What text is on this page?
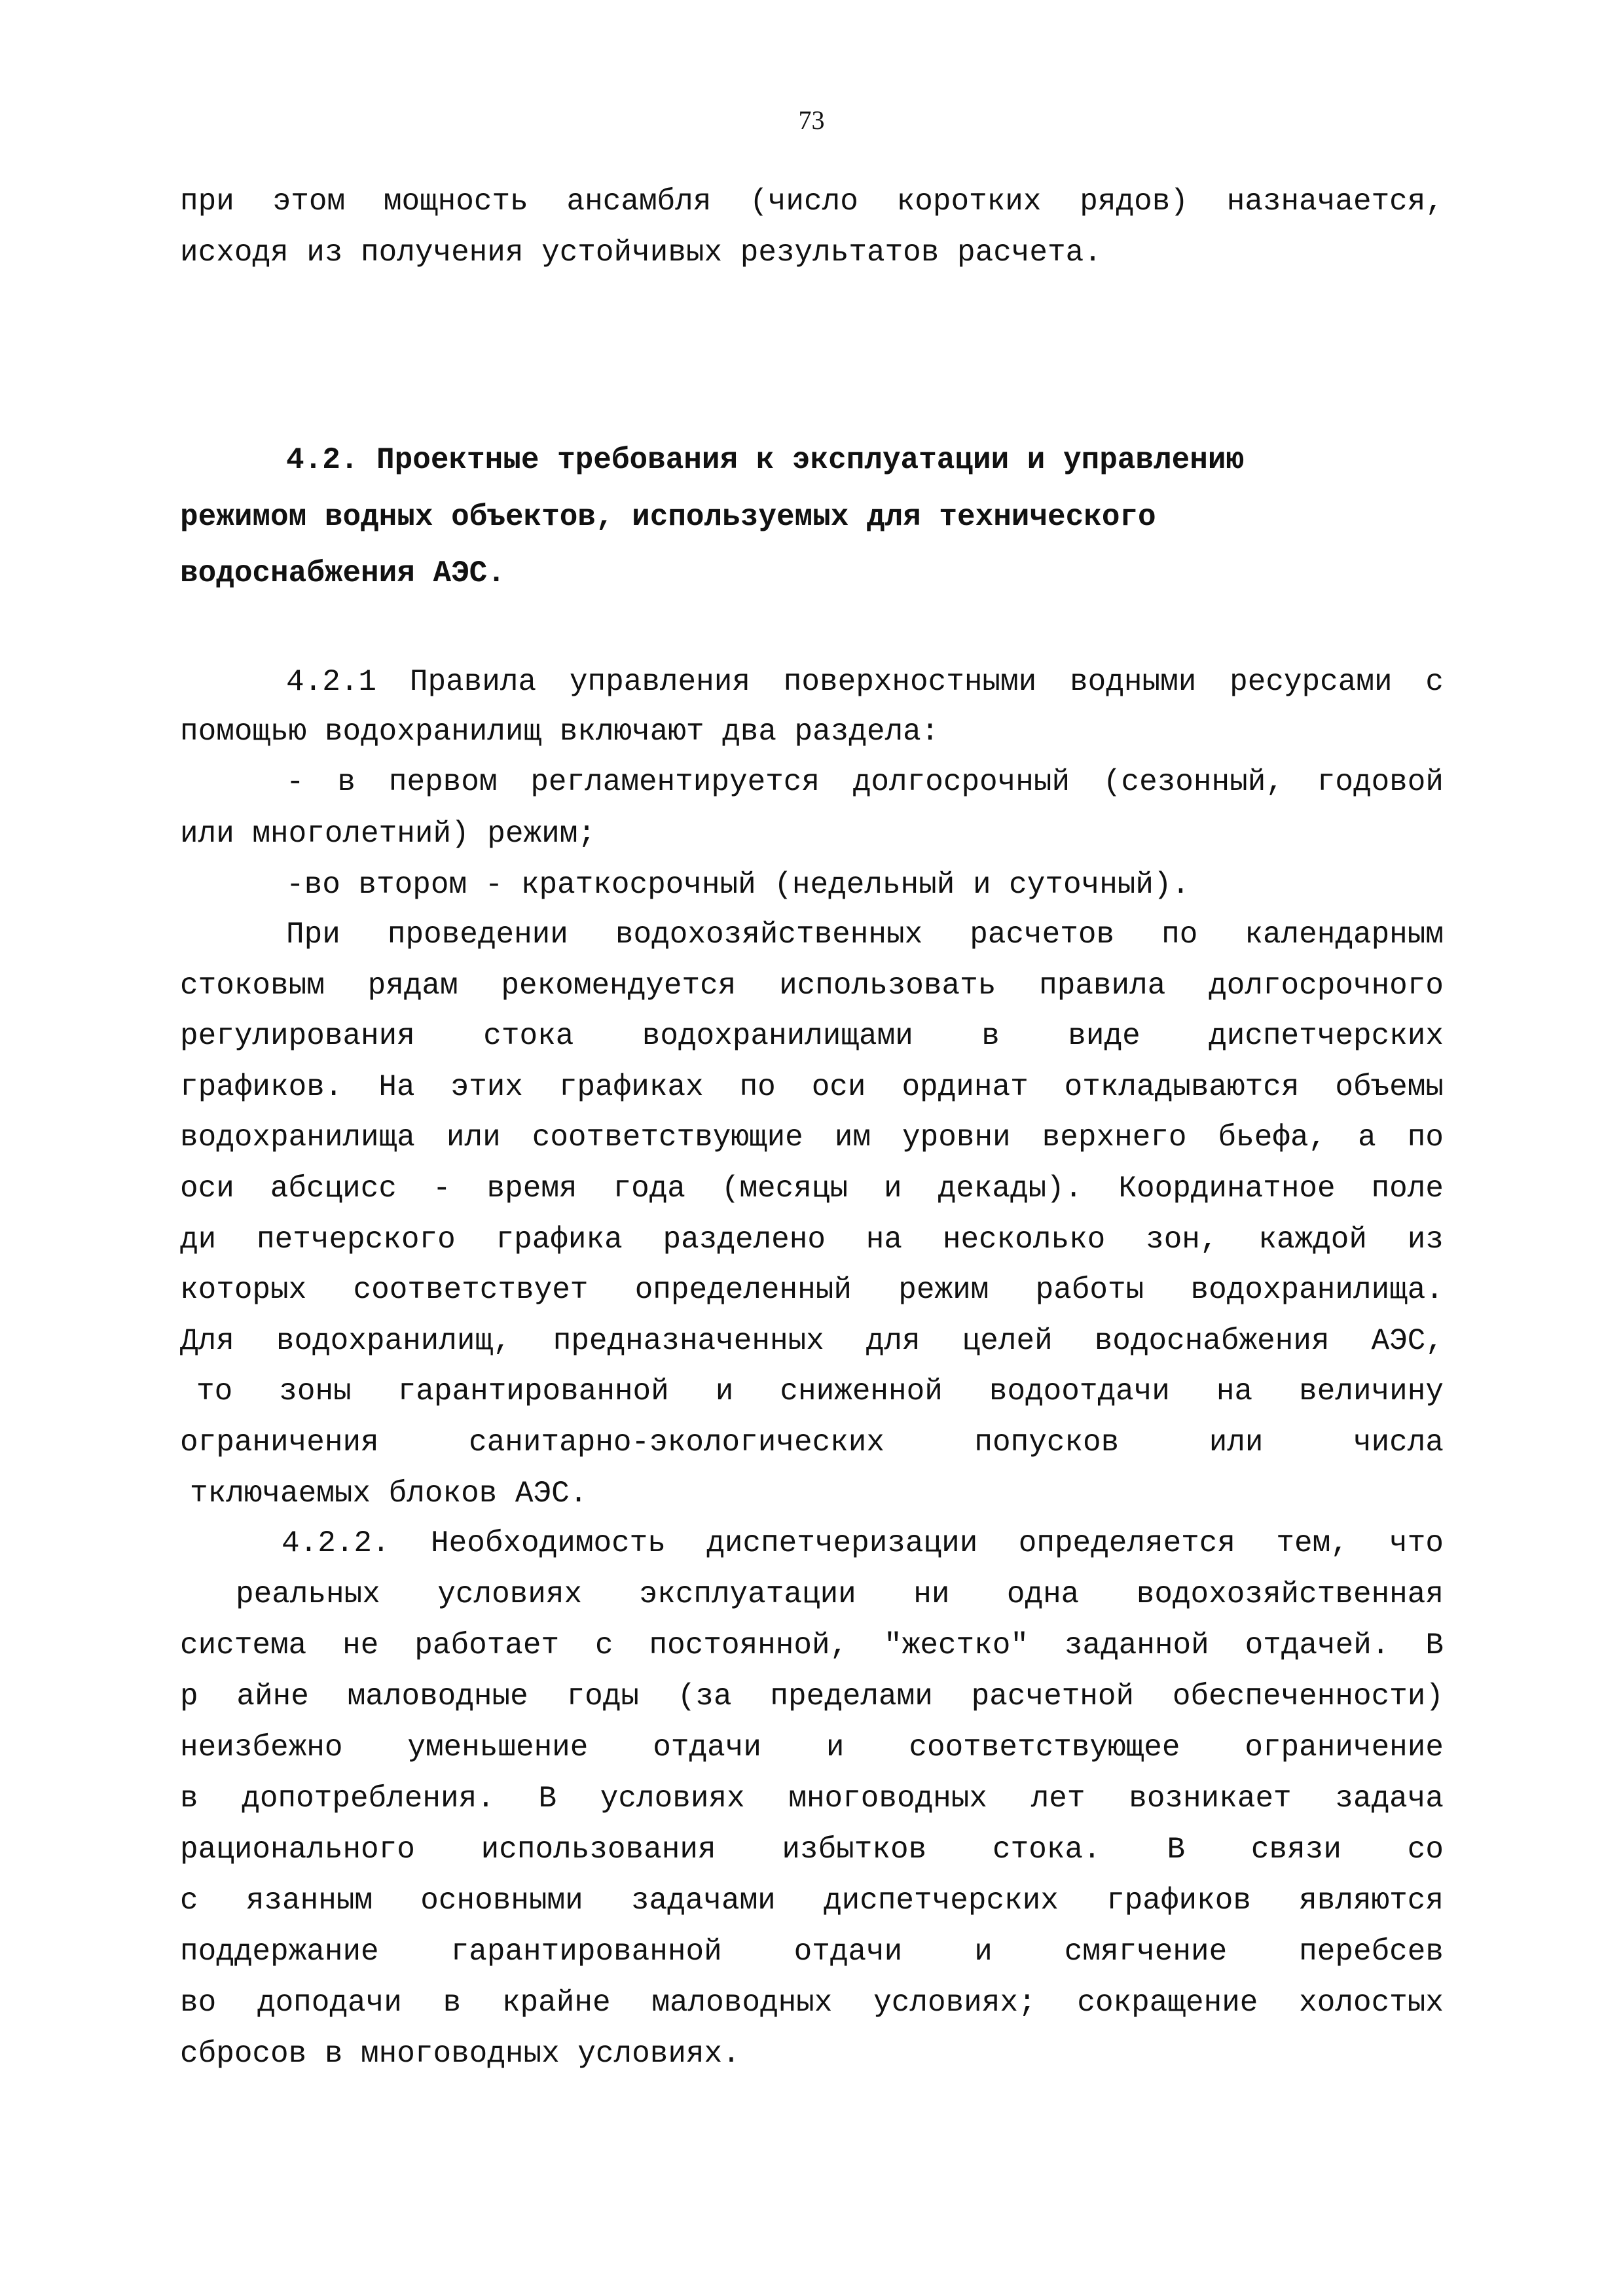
73
при этом мощность ансамбля (число коротких рядов) назначается,
исходя из получения устойчивых результатов расчета.
4.2. Проектные требования к эксплуатации и управлению
режимом водных объектов, используемых для технического
водоснабжения АЭС.
4.2.1 Правила управления поверхностными водными ресурсами с
помощью водохранилищ включают два раздела:
- в первом регламентируется долгосрочный (сезонный, годовой
или многолетний) режим;
-во втором - краткосрочный (недельный и суточный).
При проведении водохозяйственных расчетов по календарным
стоковым рядам рекомендуется использовать правила долгосрочного
регулирования стока водохранилищами в виде диспетчерских
графиков. На этих графиках по оси ординат откладываются объемы
водохранилища или соответствующие им уровни верхнего бьефа, а по
оси абсцисс - время года (месяцы и декады). Координатное поле
ди петчерского графика разделено на несколько зон, каждой из
которых соответствует определенный режим работы водохранилища.
Для водохранилищ, предназначенных для целей водоснабжения АЭС,
то зоны гарантированной и сниженной водоотдачи на величину
ограничения санитарно-экологических попусков или числа
тключаемых блоков АЭС.
4.2.2. Необходимость диспетчеризации определяется тем, что
реальных условиях эксплуатации ни одна водохозяйственная
система не работает с постоянной, "жестко" заданной отдачей. В
р айне маловодные годы (за пределами расчетной обеспеченности)
неизбежно уменьшение отдачи и соответствующее ограничение
в допотребления. В условиях многоводных лет возникает задача
рационального использования избытков стока. В связи со
с язанным основными задачами диспетчерских графиков являются
поддержание гарантированной отдачи и смягчение перебсев
во доподачи в крайне маловодных условиях; сокращение холостых
сбросов в многоводных условиях.
